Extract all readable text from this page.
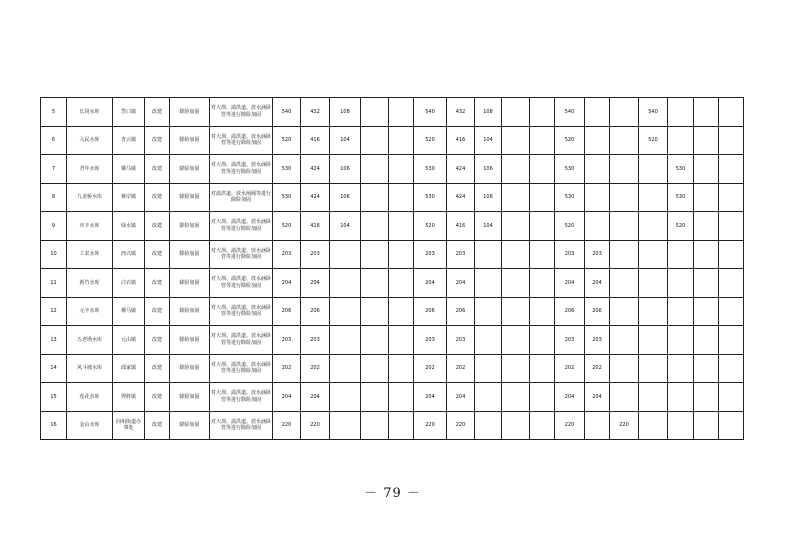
5	长岗水库	岱口镇	改建	除险加固	对大坝、溢洪道、放水涵卧管等进行除险加固	540	432	108			540	432	108			540			540			
6	入民水库	青云镇	改建	除险加固	对大坝、溢洪道、放水涵卧管等进行除险加固	520	416	104			520	416	104			520			520			
7	青年水库	骥马镇	改建	除险加固	对大坝、溢洪道、放水涵卧管等进行除险加固	530	424	106			530	424	106			530				530		
8	九龙桥水库	蒋岸镇	改建	除险加固	对溢洪道、放水闸阀等进行除险加固	530	424	106			530	424	106			530				530		
9	庆丰水库	绿水镇	改建	除险加固	对大坝、溢洪道、放水涵卧管等进行除险加固	520	416	104			520	416	104			520				520		
10	工农水库	西兴镇	改建	除险加固	对大坝、溢洪道、放水涵卧管等进行除险加固	203	203				203	203				203	203					
11	新竹水库	白衣镇	改建	除险加固	对大坝、溢洪道、放水涵卧管等进行除险加固	204	204				204	204				204	204					
12	元丰水库	骥马镇	改建	除险加固	对大坝、溢洪道、放水涵卧管等进行除险加固	206	206				206	206				206	206					
13	五老坳水库	元山镇	改建	除险加固	对大坝、溢洪道、放水涵卧管等进行除险加固	203	203				203	203				203	203					
14	风斗坡水库	邱家镇	改建	除险加固	对大坝、溢洪道、放水涵卧管等进行除险加固	202	202				202	202				202	202					
15	莲花水库	得胜镇	改建	除险加固	对大坝、溢洪道、放水涵卧管等进行除险加固	204	204				204	204				204	204					
16	金山水库	同州街道办事处	改建	除险加固	对大坝、溢洪道、放水涵卧管等进行除险加固	220	220				220	220				220		220				
－ 79 －
